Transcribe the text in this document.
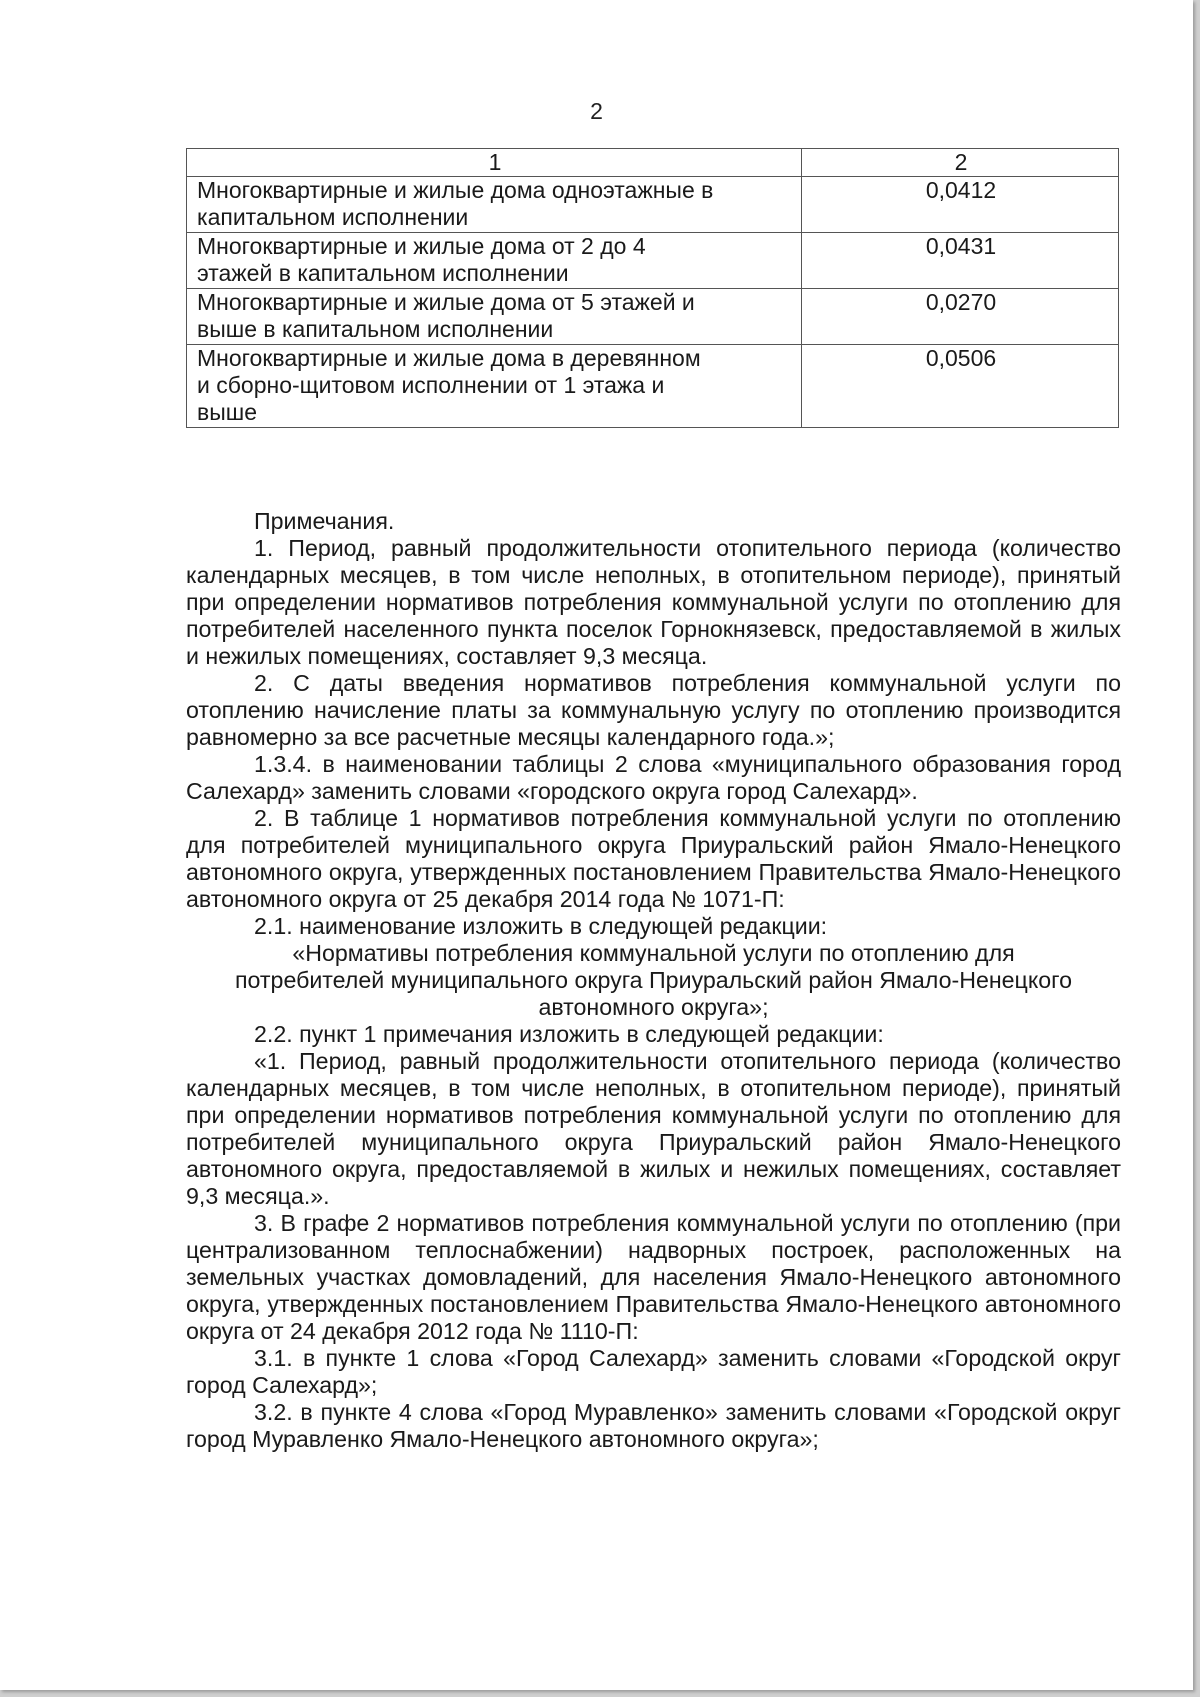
2
1	2
Многоквартирные и жилые дома одноэтажные в капитальном исполнении	0,0412
Многоквартирные и жилые дома от 2 до 4 этажей в капитальном исполнении	0,0431
Многоквартирные и жилые дома от 5 этажей и выше в капитальном исполнении	0,0270
Многоквартирные и жилые дома в деревянном и сборно-щитовом исполнении от 1 этажа и выше	0,0506

Примечания.

1. Период, равный продолжительности отопительного периода (количество календарных месяцев, в том числе неполных, в отопительном периоде), принятый при определении нормативов потребления коммунальной услуги по отоплению для потребителей населенного пункта поселок Горнокнязевск, предоставляемой в жилых и нежилых помещениях, составляет 9,3 месяца.

2. С даты введения нормативов потребления коммунальной услуги по отоплению начисление платы за коммунальную услугу по отоплению производится равномерно за все расчетные месяцы календарного года.»;

1.3.4. в наименовании таблицы 2 слова «муниципального образования город Салехард» заменить словами «городского округа город Салехард».

2. В таблице 1 нормативов потребления коммунальной услуги по отоплению для потребителей муниципального округа Приуральский район Ямало-Ненецкого автономного округа, утвержденных постановлением Правительства Ямало-Ненецкого автономного округа от 25 декабря 2014 года № 1071-П:

2.1. наименование изложить в следующей редакции:

«Нормативы потребления коммунальной услуги по отоплению для потребителей муниципального округа Приуральский район Ямало-Ненецкого автономного округа»;

2.2. пункт 1 примечания изложить в следующей редакции:

«1. Период, равный продолжительности отопительного периода (количество календарных месяцев, в том числе неполных, в отопительном периоде), принятый при определении нормативов потребления коммунальной услуги по отоплению для потребителей муниципального округа Приуральский район Ямало-Ненецкого автономного округа, предоставляемой в жилых и нежилых помещениях, составляет 9,3 месяца.».

3. В графе 2 нормативов потребления коммунальной услуги по отоплению (при централизованном теплоснабжении) надворных построек, расположенных на земельных участках домовладений, для населения Ямало-Ненецкого автономного округа, утвержденных постановлением Правительства Ямало-Ненецкого автономного округа от 24 декабря 2012 года № 1110-П:

3.1. в пункте 1 слова «Город Салехард» заменить словами «Городской округ город Салехард»;

3.2. в пункте 4 слова «Город Муравленко» заменить словами «Городской округ город Муравленко Ямало-Ненецкого автономного округа»;
